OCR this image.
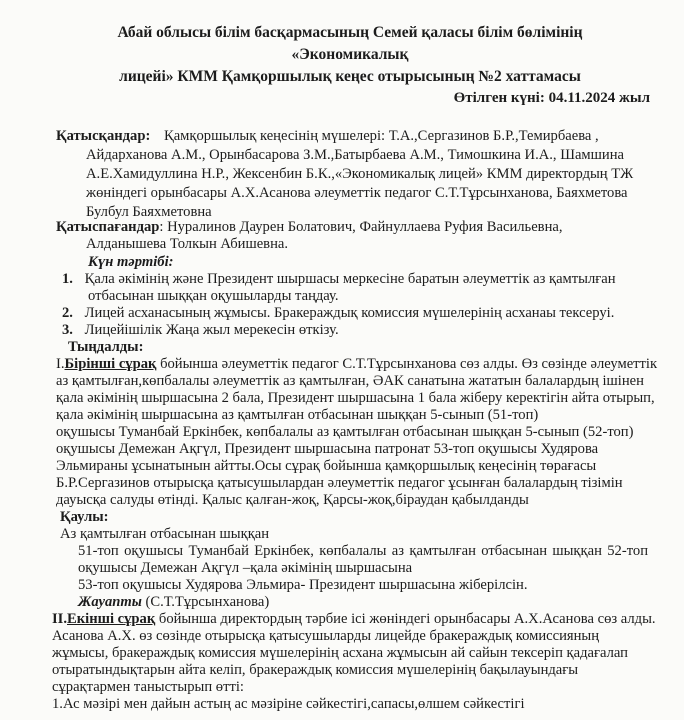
Абай облысы білім басқармасының Семей қаласы білім бөлімінің «Экономикалық
лицейі» КММ Қамқоршылық кеңес отырысының №2 хаттамасы
Өтілген күні: 04.11.2024 жыл
Қатысқандар: Қамқоршылық кеңесінің мүшелері: Т.А.,Сергазинов Б.Р.,Темирбаева ,
Айдарханова А.М., Орынбасарова З.М.,Батырбаева А.М., Тимошкина И.А., Шамшина
А.Е.Хамидуллина Н.Р., Жексенбин Б.К.,«Экономикалық лицей» КММ директордың ТЖ
жөніндегі орынбасары А.Х.Асанова әлеуметтік педагог С.Т.Тұрсынханова, Баяхметова
Булбул Баяхметовна
Қатыспағандар: Нуралинов Даурен Болатович, Файнуллаева Руфия Васильевна,
Алданышева Толкын Абишевна.
Күн тәртібі:
1. Қала әкімінің және Президент шыршасы меркесіне баратын әлеуметтік аз қамтылған
отбасынан шыққан оқушыларды таңдау.
2. Лицей асханасының жұмысы. Бракераждық комиссия мүшелерінің асханаы тексеруі.
3. Лицейішілік Жаңа жыл мерекесін өткізу.
Тыңдалды:
I.Бірінші сұрақ бойынша әлеуметтік педагог С.Т.Тұрсынханова сөз алды. Өз сөзінде әлеуметтік
аз қамтылған,көпбалалы әлеуметтік аз қамтылған, ӘАК санатына жататын балалардың ішінен
қала әкімінің шыршасына 2 бала, Президент шыршасына 1 бала жіберу керектігін айта отырып,
қала әкімінің шыршасына аз қамтылған отбасынан шыққан 5-сынып (51-топ)
оқушысы Туманбай Еркінбек, көпбалалы аз қамтылған отбасынан шыққан 5-сынып (52-топ)
оқушысы Демежан Ақгүл, Президент шыршасына патронат 53-топ оқушысы Худярова
Эльмираны ұсынатынын айтты.Осы сұрақ бойынша қамқоршылық кеңесінің төрағасы
Б.Р.Сергазинов отырысқа қатысушылардан әлеуметтік педагог ұсынған балалардың тізімін
дауысқа салуды өтінді. Қалыс қалған-жоқ, Қарсы-жоқ,біраудан қабылданды
Қаулы:
Аз қамтылған отбасынан шыққан
51-топ оқушысы Туманбай Еркінбек, көпбалалы аз қамтылған отбасынан шыққан 52-топ
оқушысы Демежан Ақгүл –қала әкімінің шыршасына
53-топ оқушысы Худярова Эльмира- Президент шыршасына жіберілсін.
Жауапты (С.Т.Тұрсынханова)
II.Екінші сұрақ бойынша директордың тәрбие ісі жөніндегі орынбасары А.Х.Асанова сөз алды.
Асанова А.Х. өз сөзінде отырысқа қатысушыларды лицейде бракераждық комиссияның
жұмысы, бракераждық комиссия мүшелерінің асхана жұмысын ай сайын тексеріп қадағалап
отыратындықтарын айта келіп, бракераждық комиссия мүшелерінің бақылауындағы
сұрақтармен таныстырып өтті:
1.Ас мәзірі мен дайын астың ас мәзіріне сәйкестігі,сапасы,өлшем сәйкестігі
